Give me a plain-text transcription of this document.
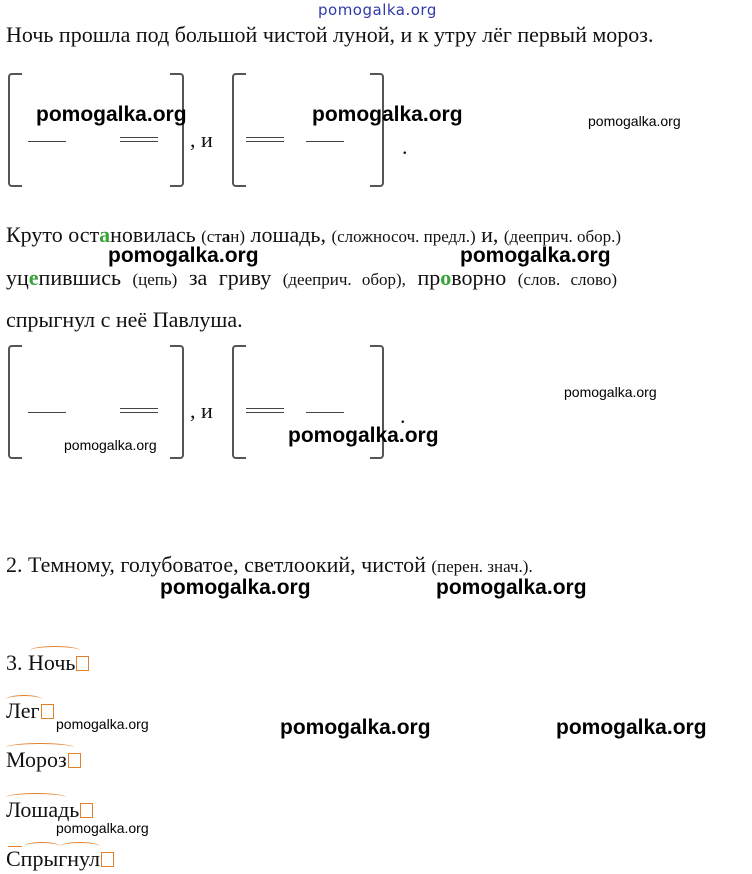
pomogalka.org
Ночь прошла под большой чистой луной, и к утру лёг первый мороз.
, и	.
pomogalka.org	pomogalka.org	pomogalka.org
Круто остановилась (стан) лошадь, (сложносоч. предл.) и, (дееприч. обор.)
уцепившись (цепь) за гриву (дееприч. обор), проворно (слов. слово)
спрыгнул с неё Павлуша.
pomogalka.org	pomogalka.org
, и	.
pomogalka.org
pomogalka.org	pomogalka.org
2. Темному, голубоватое, светлоокий, чистой (перен. знач.).
pomogalka.org	pomogalka.org
3. Ночь
Лег
Мороз
Лошадь
Спрыгнул
pomogalka.org	pomogalka.org	pomogalka.org
pomogalka.org
